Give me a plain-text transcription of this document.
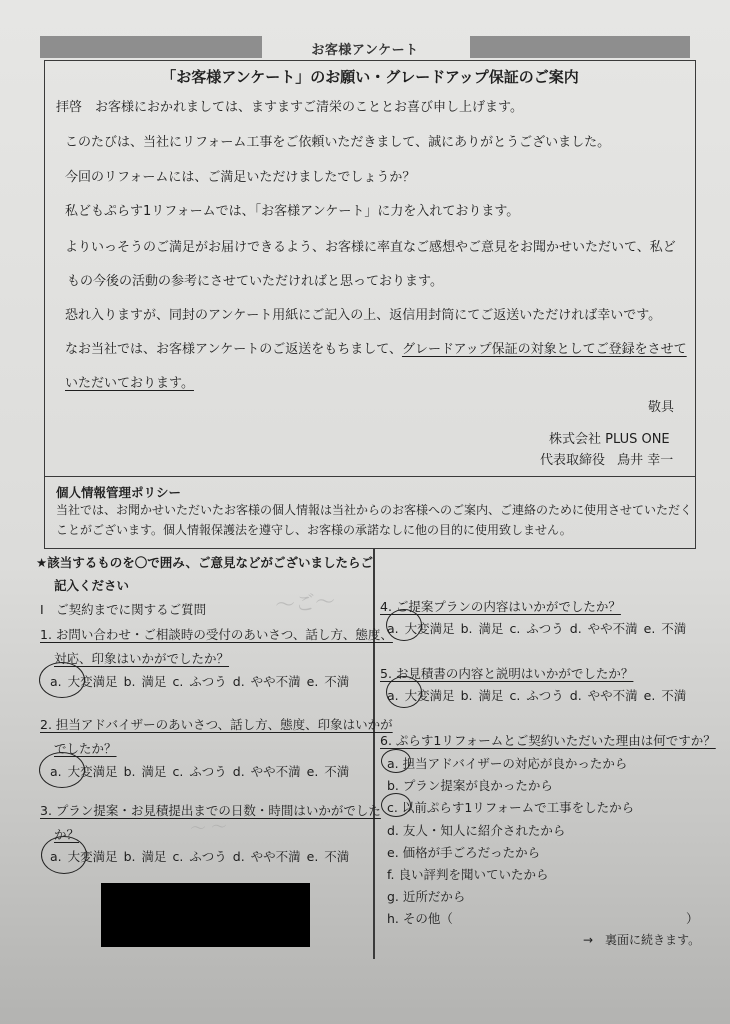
お客様アンケート
「お客様アンケート」のお願い・グレードアップ保証のご案内
拝啓　お客様におかれましては、ますますご清栄のこととお喜び申し上げます。
このたびは、当社にリフォーム工事をご依頼いただきまして、誠にありがとうございました。
今回のリフォームには、ご満足いただけましたでしょうか？
私どもぷらす1リフォームでは、「お客様アンケート」に力を入れております。
よりいっそうのご満足がお届けできるよう、お客様に率直なご感想やご意見をお聞かせいただいて、私ど
もの今後の活動の参考にさせていただければと思っております。
恐れ入りますが、同封のアンケート用紙にご記入の上、返信用封筒にてご返送いただければ幸いです。
なお当社では、お客様アンケートのご返送をもちまして、グレードアップ保証の対象としてご登録をさせて
いただいております。
敬具
株式会社 PLUS ONE
代表取締役 鳥井 幸一
個人情報管理ポリシー
当社では、お聞かせいただいたお客様の個人情報は当社からのお客様へのご案内、ご連絡のために使用させていただく
ことがございます。個人情報保護法を遵守し、お客様の承諾なしに他の目的に使用致しません。
〜ご〜
〜 〜
★該当するものを〇で囲み、ご意見などがございましたらご
記入ください
Ⅰ　ご契約までに関するご質問
1. お問い合わせ・ご相談時の受付のあいさつ、話し方、態度、
対応、印象はいかがでしたか？
a. 大変満足 b. 満足 c. ふつう d. やや不満 e. 不満
2. 担当アドバイザーのあいさつ、話し方、態度、印象はいかが
でしたか？
a. 大変満足 b. 満足 c. ふつう d. やや不満 e. 不満
3. プラン提案・お見積提出までの日数・時間はいかがでした
か？
a. 大変満足 b. 満足 c. ふつう d. やや不満 e. 不満
4. ご提案プランの内容はいかがでしたか？
a. 大変満足 b. 満足 c. ふつう d. やや不満 e. 不満
5. お見積書の内容と説明はいかがでしたか？
a. 大変満足 b. 満足 c. ふつう d. やや不満 e. 不満
6. ぷらす1リフォームとご契約いただいた理由は何ですか？
a. 担当アドバイザーの対応が良かったから
b. プラン提案が良かったから
c. 以前ぷらす1リフォームで工事をしたから
d. 友人・知人に紹介されたから
e. 価格が手ごろだったから
f. 良い評判を聞いていたから
g. 近所だから
h. その他（	）
→　裏面に続きます。
